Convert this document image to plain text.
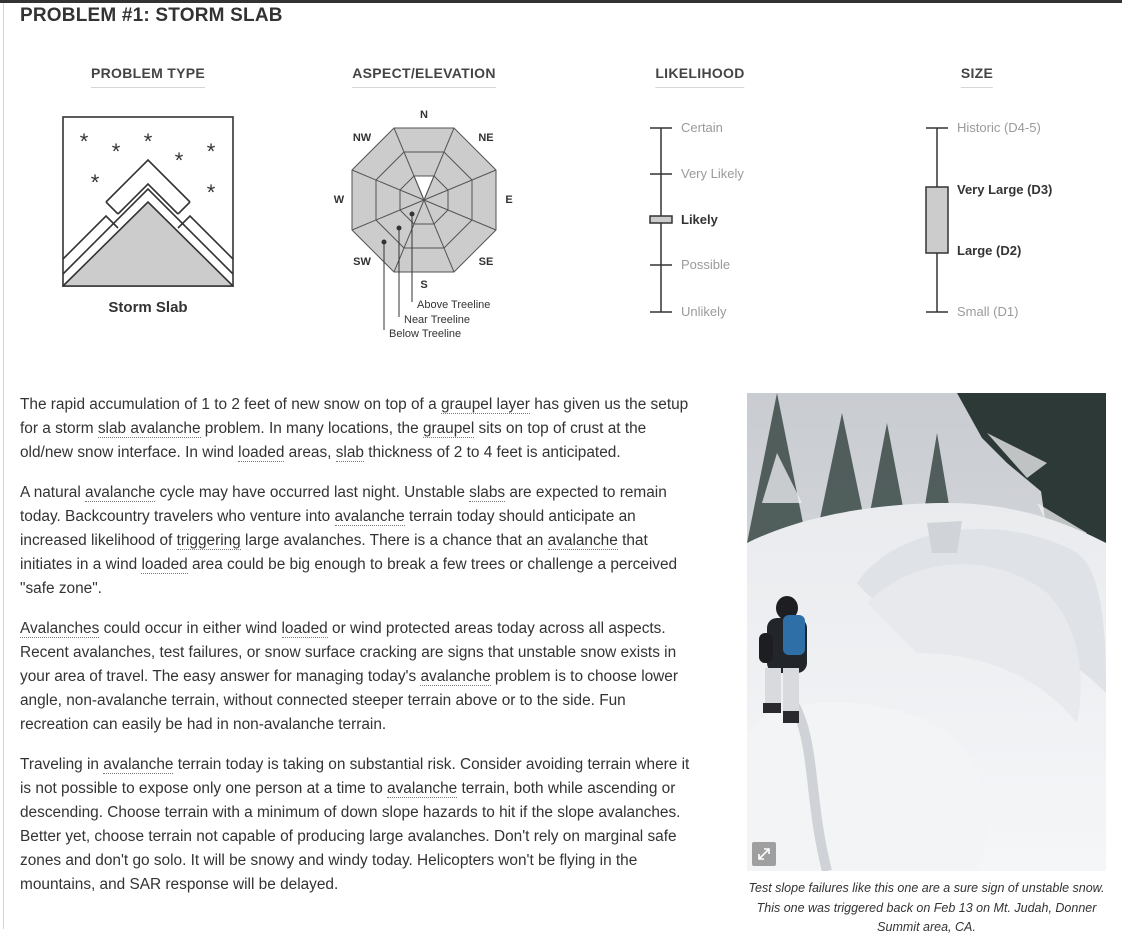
PROBLEM #1: STORM SLAB
PROBLEM TYPE	ASPECT/ELEVATION	LIKELIHOOD	SIZE
* * *
* *
*	*
Storm Slab
N
NE
E
SE
S
SW
W
NW
Above Treeline
Near Treeline
Below Treeline
Certain
Very Likely
Likely
Possible
Unlikely
Historic (D4-5)
Very Large (D3)
Large (D2)
Small (D1)

The rapid accumulation of 1 to 2 feet of new snow on top of a graupel layer has given us the setup for a storm slab avalanche problem. In many locations, the graupel sits on top of crust at the old/new snow interface. In wind loaded areas, slab thickness of 2 to 4 feet is anticipated.

A natural avalanche cycle may have occurred last night. Unstable slabs are expected to remain today. Backcountry travelers who venture into avalanche terrain today should anticipate an increased likelihood of triggering large avalanches. There is a chance that an avalanche that initiates in a wind loaded area could be big enough to break a few trees or challenge a perceived "safe zone".

Avalanches could occur in either wind loaded or wind protected areas today across all aspects. Recent avalanches, test failures, or snow surface cracking are signs that unstable snow exists in your area of travel. The easy answer for managing today's avalanche problem is to choose lower angle, non-avalanche terrain, without connected steeper terrain above or to the side. Fun recreation can easily be had in non-avalanche terrain.

Traveling in avalanche terrain today is taking on substantial risk. Consider avoiding terrain where it is not possible to expose only one person at a time to avalanche terrain, both while ascending or descending. Choose terrain with a minimum of down slope hazards to hit if the slope avalanches. Better yet, choose terrain not capable of producing large avalanches. Don't rely on marginal safe zones and don't go solo. It will be snowy and windy today. Helicopters won't be flying in the mountains, and SAR response will be delayed.	Test slope failures like this one are a sure sign of unstable snow. This one was triggered back on Feb 13 on Mt. Judah, Donner Summit area, CA.
